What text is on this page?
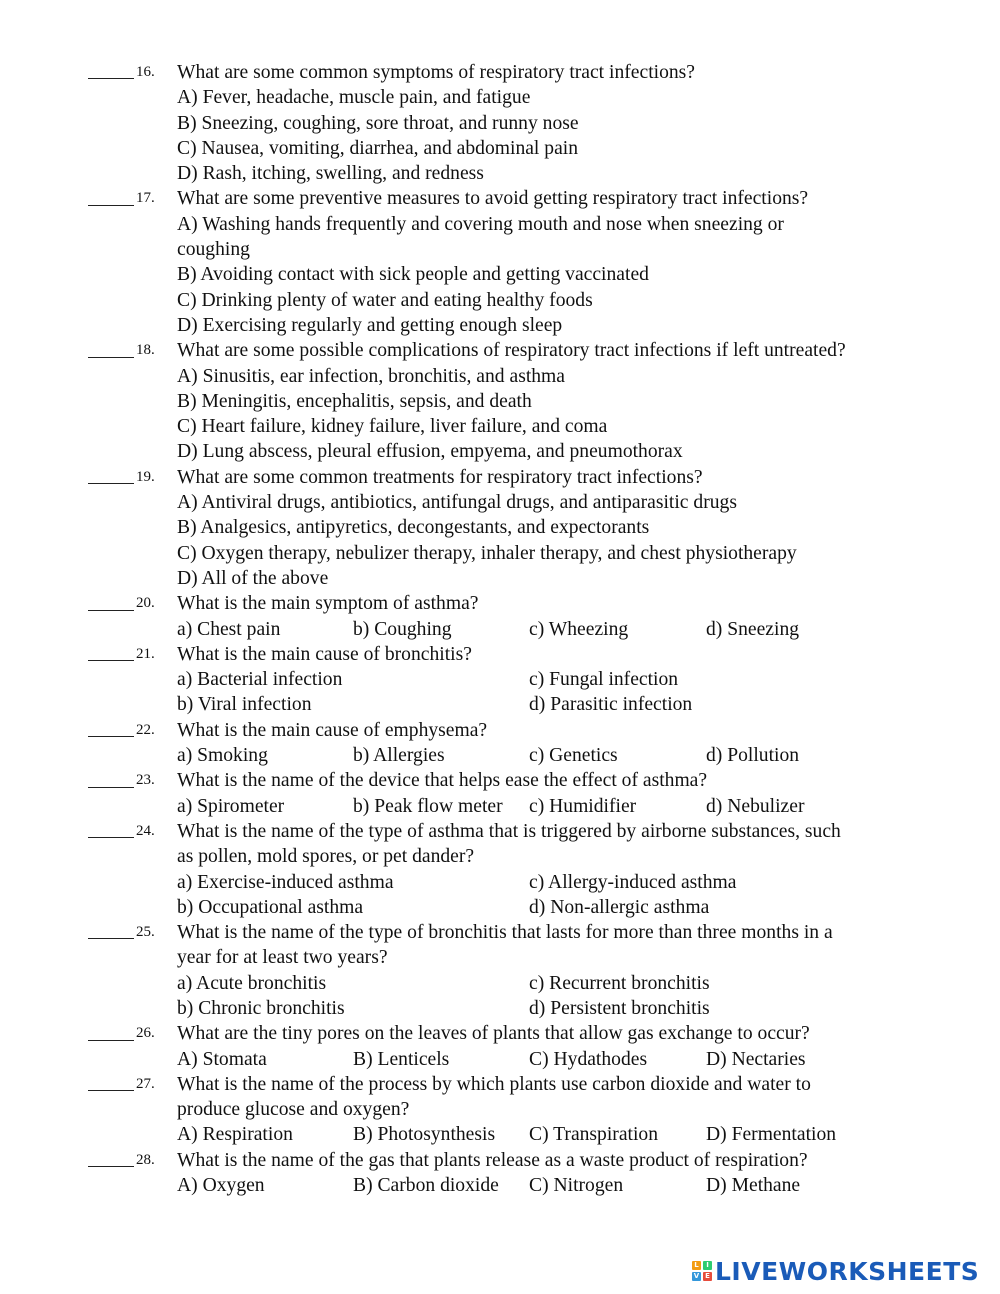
16. What are some common symptoms of respiratory tract infections?
A) Fever, headache, muscle pain, and fatigue
B) Sneezing, coughing, sore throat, and runny nose
C) Nausea, vomiting, diarrhea, and abdominal pain
D) Rash, itching, swelling, and redness
17. What are some preventive measures to avoid getting respiratory tract infections?
A) Washing hands frequently and covering mouth and nose when sneezing or
coughing
B) Avoiding contact with sick people and getting vaccinated
C) Drinking plenty of water and eating healthy foods
D) Exercising regularly and getting enough sleep
18. What are some possible complications of respiratory tract infections if left untreated?
A) Sinusitis, ear infection, bronchitis, and asthma
B) Meningitis, encephalitis, sepsis, and death
C) Heart failure, kidney failure, liver failure, and coma
D) Lung abscess, pleural effusion, empyema, and pneumothorax
19. What are some common treatments for respiratory tract infections?
A) Antiviral drugs, antibiotics, antifungal drugs, and antiparasitic drugs
B) Analgesics, antipyretics, decongestants, and expectorants
C) Oxygen therapy, nebulizer therapy, inhaler therapy, and chest physiotherapy
D) All of the above
20. What is the main symptom of asthma?
a) Chest pain	b) Coughing	c) Wheezing	d) Sneezing
21. What is the main cause of bronchitis?
a) Bacterial infection	c) Fungal infection
b) Viral infection	d) Parasitic infection
22. What is the main cause of emphysema?
a) Smoking	b) Allergies	c) Genetics	d) Pollution
23. What is the name of the device that helps ease the effect of asthma?
a) Spirometer	b) Peak flow meter c) Humidifier	d) Nebulizer
24. What is the name of the type of asthma that is triggered by airborne substances, such
as pollen, mold spores, or pet dander?
a) Exercise-induced asthma	c) Allergy-induced asthma
b) Occupational asthma	d) Non-allergic asthma
25. What is the name of the type of bronchitis that lasts for more than three months in a
year for at least two years?
a) Acute bronchitis	c) Recurrent bronchitis
b) Chronic bronchitis	d) Persistent bronchitis
26. What are the tiny pores on the leaves of plants that allow gas exchange to occur?
A) Stomata	B) Lenticels	C) Hydathodes	D) Nectaries
27. What is the name of the process by which plants use carbon dioxide and water to
produce glucose and oxygen?
A) Respiration	B) Photosynthesis C) Transpiration D) Fermentation
28. What is the name of the gas that plants release as a waste product of respiration?
A) Oxygen	B) Carbon dioxide C) Nitrogen	D) Methane
L	I
V E LIVEWORKSHEETS
